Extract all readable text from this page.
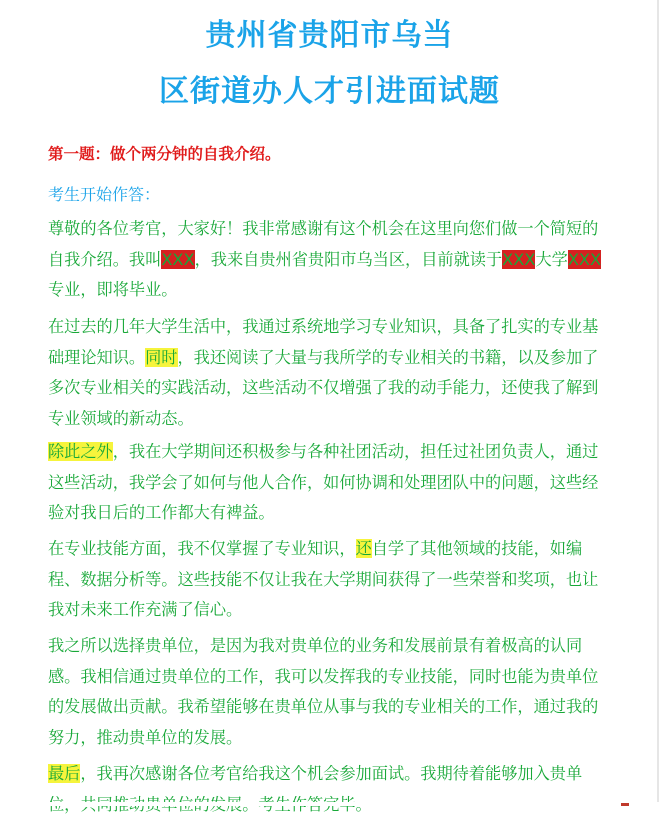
贵州省贵阳市乌当
区街道办人才引进面试题
第一题：做个两分钟的自我介绍。
考生开始作答：
尊敬的各位考官，大家好！我非常感谢有这个机会在这里向您们做一个简短的自我介绍。我叫XXX，我来自贵州省贵阳市乌当区，目前就读于XXX大学XXX专业，即将毕业。
在过去的几年大学生活中，我通过系统地学习专业知识，具备了扎实的专业基础理论知识。同时，我还阅读了大量与我所学的专业相关的书籍，以及参加了多次专业相关的实践活动，这些活动不仅增强了我的动手能力，还使我了解到专业领域的新动态。
除此之外，我在大学期间还积极参与各种社团活动，担任过社团负责人，通过这些活动，我学会了如何与他人合作，如何协调和处理团队中的问题，这些经验对我日后的工作都大有裨益。
在专业技能方面，我不仅掌握了专业知识，还自学了其他领域的技能，如编程、数据分析等。这些技能不仅让我在大学期间获得了一些荣誉和奖项，也让我对未来工作充满了信心。
我之所以选择贵单位，是因为我对贵单位的业务和发展前景有着极高的认同感。我相信通过贵单位的工作，我可以发挥我的专业技能，同时也能为贵单位的发展做出贡献。我希望能够在贵单位从事与我的专业相关的工作，通过我的努力，推动贵单位的发展。
最后，我再次感谢各位考官给我这个机会参加面试。我期待着能够加入贵单
